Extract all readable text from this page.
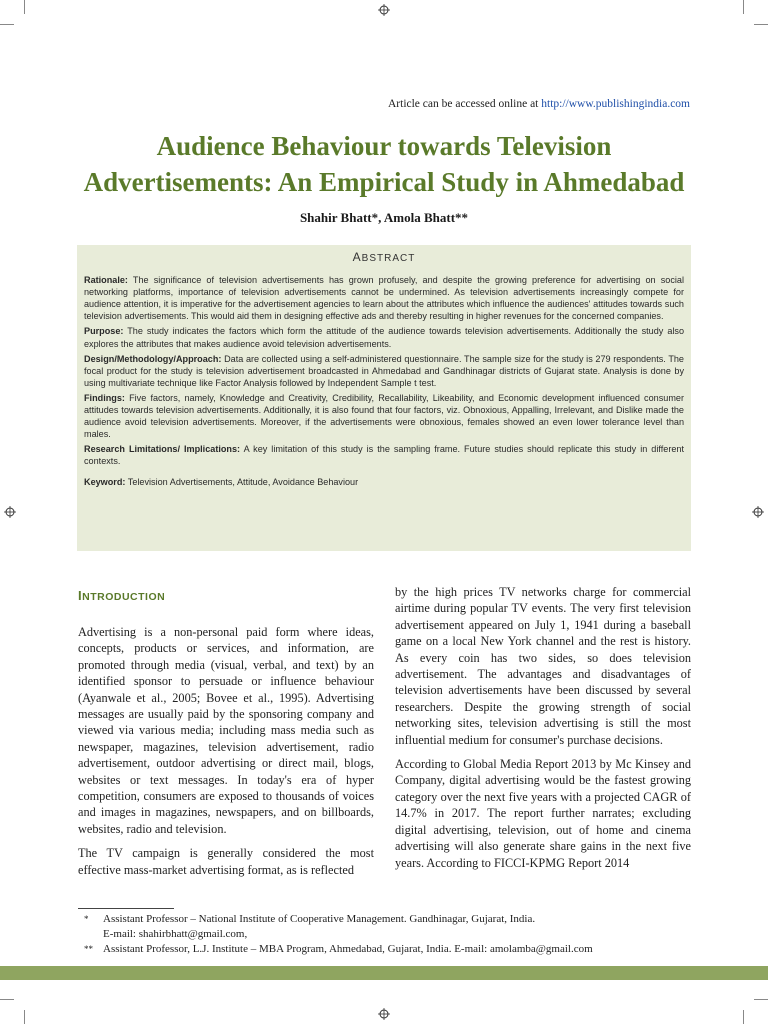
Article can be accessed online at http://www.publishingindia.com
Audience Behaviour towards Television
Advertisements: An Empirical Study in Ahmedabad
Shahir Bhatt*, Amola Bhatt**
ABSTRACT

Rationale: The significance of television advertisements has grown profusely, and despite the growing preference for advertising on social networking platforms, importance of television advertisements cannot be undermined. As television advertisements increasingly compete for audience attention, it is imperative for the advertisement agencies to learn about the attributes which influence the audiences' attitudes towards such television advertisements. This would aid them in designing effective ads and thereby resulting in higher revenues for the concerned companies.

Purpose: The study indicates the factors which form the attitude of the audience towards television advertisements. Additionally the study also explores the attributes that makes audience avoid television advertisements.

Design/Methodology/Approach: Data are collected using a self-administered questionnaire. The sample size for the study is 279 respondents. The focal product for the study is television advertisement broadcasted in Ahmedabad and Gandhinagar districts of Gujarat state. Analysis is done by using multivariate technique like Factor Analysis followed by Independent Sample t test.

Findings: Five factors, namely, Knowledge and Creativity, Credibility, Recallability, Likeability, and Economic development influenced consumer attitudes towards television advertisements. Additionally, it is also found that four factors, viz. Obnoxious, Appalling, Irrelevant, and Dislike made the audience avoid television advertisements. Moreover, if the advertisements were obnoxious, females showed an even lower tolerance level than males.

Research Limitations/ Implications: A key limitation of this study is the sampling frame. Future studies should replicate this study in different contexts.

Keyword: Television Advertisements, Attitude, Avoidance Behaviour

INTRODUCTION

Advertising is a non-personal paid form where ideas, concepts, products or services, and information, are promoted through media (visual, verbal, and text) by an identified sponsor to persuade or influence behaviour (Ayanwale et al., 2005; Bovee et al., 1995). Advertising messages are usually paid by the sponsoring company and viewed via various media; including mass media such as newspaper, magazines, television advertisement, radio advertisement, outdoor advertising or direct mail, blogs, websites or text messages. In today's era of hyper competition, consumers are exposed to thousands of voices and images in magazines, newspapers, and on billboards, websites, radio and television.

The TV campaign is generally considered the most effective mass-market advertising format, as is reflected

by the high prices TV networks charge for commercial airtime during popular TV events. The very first television advertisement appeared on July 1, 1941 during a baseball game on a local New York channel and the rest is history. As every coin has two sides, so does television advertisement. The advantages and disadvantages of television advertisements have been discussed by several researchers. Despite the growing strength of social networking sites, television advertising is still the most influential medium for consumer's purchase decisions.

According to Global Media Report 2013 by Mc Kinsey and Company, digital advertising would be the fastest growing category over the next five years with a projected CAGR of 14.7% in 2017. The report further narrates; excluding digital advertising, television, out of home and cinema advertising will also generate share gains in the next five years. According to FICCI-KPMG Report 2014

*	Assistant Professor – National Institute of Cooperative Management. Gandhinagar, Gujarat, India.
E-mail: shahirbhatt@gmail.com,
** Assistant Professor, L.J. Institute – MBA Program, Ahmedabad, Gujarat, India. E-mail: amolamba@gmail.com
